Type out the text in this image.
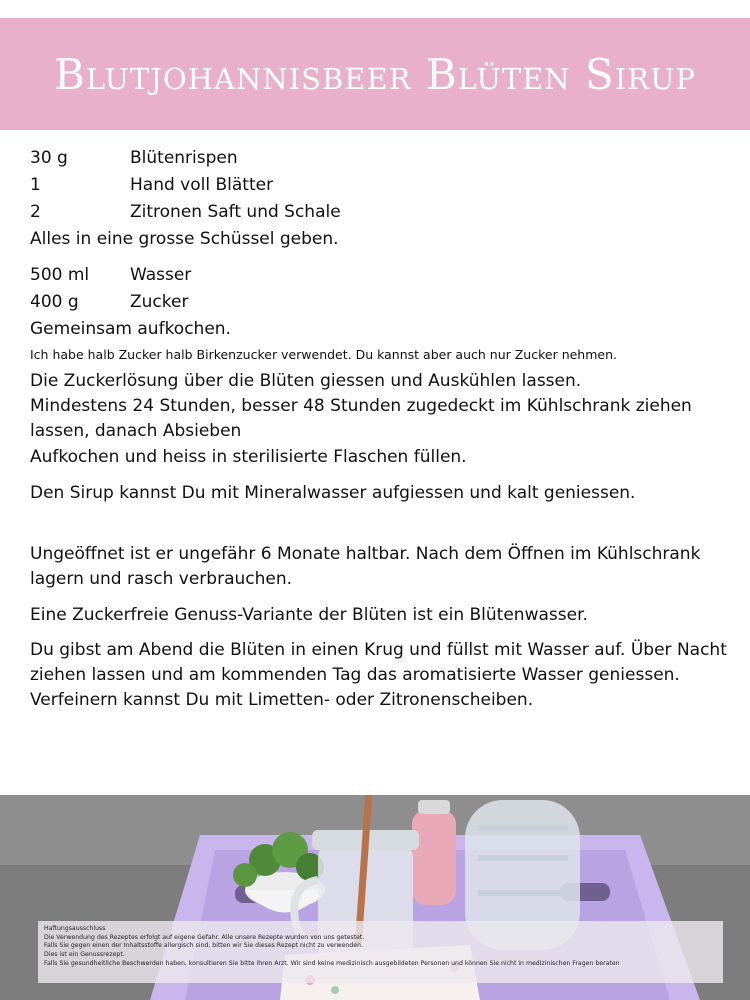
Blutjohannisbeer Blüten Sirup
30 g	Blütenrispen
1	Hand voll Blätter
2	Zitronen Saft und Schale
Alles in eine grosse Schüssel geben.
500 ml	Wasser
400 g	Zucker
Gemeinsam aufkochen.
Ich habe halb Zucker halb Birkenzucker verwendet. Du kannst aber auch nur Zucker nehmen.
Die Zuckerlösung über die Blüten giessen und Auskühlen lassen.
Mindestens 24 Stunden, besser 48 Stunden zugedeckt im Kühlschrank ziehen lassen, danach Absieben
Aufkochen und heiss in sterilisierte Flaschen füllen.
Den Sirup kannst Du mit Mineralwasser aufgiessen und kalt geniessen.
Ungeöffnet ist er ungefähr 6 Monate haltbar. Nach dem Öffnen im Kühlschrank lagern und rasch verbrauchen.
Eine Zuckerfreie Genuss-Variante der Blüten ist ein Blütenwasser.
Du gibst am Abend die Blüten in einen Krug und füllst mit Wasser auf. Über Nacht ziehen lassen und am kommenden Tag das aromatisierte Wasser geniessen. Verfeinern kannst Du mit Limetten- oder Zitronenscheiben.
Haftungsausschluss
Die Verwendung des Rezeptes erfolgt auf eigene Gefahr. Alle unsere Rezepte wurden von uns getestet.
Falls Sie gegen einen der Inhaltsstoffe allergisch sind, bitten wir Sie dieses Rezept nicht zu verwenden.
Dies ist ein Genussrezept.
Falls Sie gesundheitliche Beschwerden haben, konsultieren Sie bitte ihren Arzt. Wir sind keine medizinisch ausgebildeten Personen und können Sie nicht in medizinischen Fragen beraten
